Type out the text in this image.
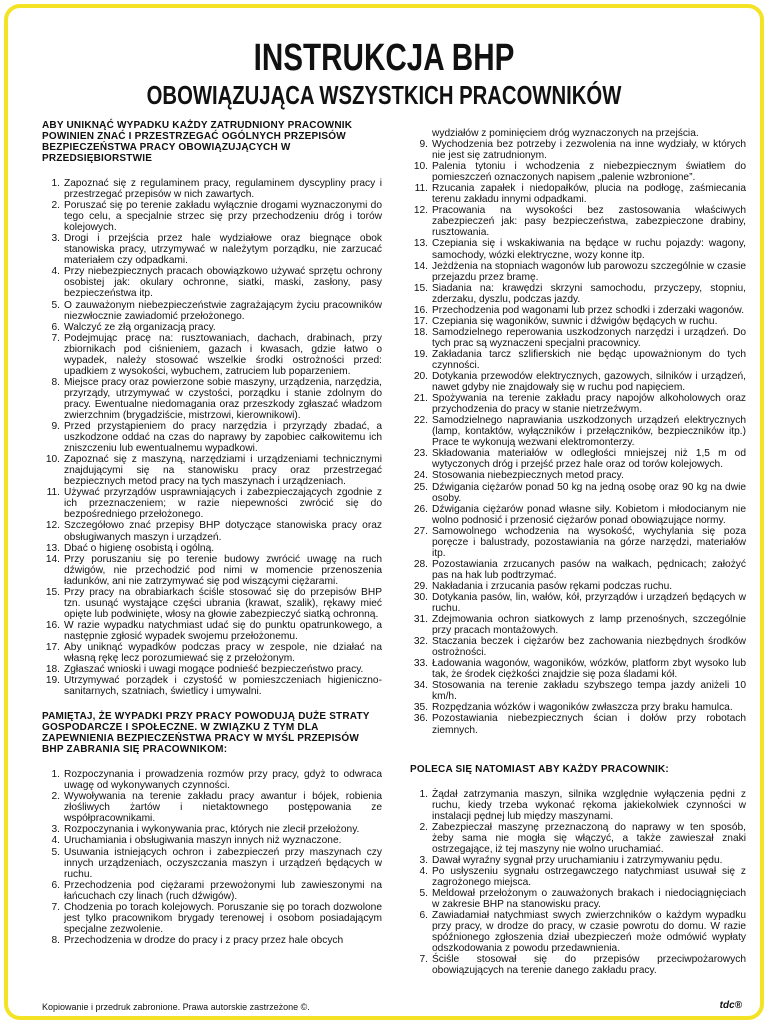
INSTRUKCJA BHP
OBOWIĄZUJĄCA WSZYSTKICH PRACOWNIKÓW
ABY UNIKNĄĆ WYPADKU KAŻDY ZATRUDNIONY PRACOWNIK POWINIEN ZNAĆ I PRZESTRZEGAĆ OGÓLNYCH PRZEPISÓW BEZPIECZEŃSTWA PRACY OBOWIĄZUJĄCYCH W PRZEDSIĘBIORSTWIE
1. Zapoznać się z regulaminem pracy, regulaminem dyscypliny pracy i przestrzegać przepisów w nich zawartych.
2. Poruszać się po terenie zakładu wyłącznie drogami wyznaczonymi do tego celu, a specjalnie strzec się przy przechodzeniu dróg i torów kolejowych.
3. Drogi i przejścia przez hale wydziałowe oraz biegnące obok stanowiska pracy, utrzymywać w należytym porządku, nie zarzucać materiałem czy odpadkami.
4. Przy niebezpiecznych pracach obowiązkowo używać sprzętu ochrony osobistej jak: okulary ochronne, siatki, maski, zasłony, pasy bezpieczeństwa itp.
5. O zauważonym niebezpieczeństwie zagrażającym życiu pracowników niezwłocznie zawiadomić przełożonego.
6. Walczyć ze złą organizacją pracy.
7. Podejmując pracę na: rusztowaniach, dachach, drabinach, przy zbiornikach pod ciśnieniem, gazach i kwasach, gdzie łatwo o wypadek, należy stosować wszelkie środki ostrożności przed: upadkiem z wysokości, wybuchem, zatruciem lub poparzeniem.
8. Miejsce pracy oraz powierzone sobie maszyny, urządzenia, narzędzia, przyrządy, utrzymywać w czystości, porządku i stanie zdolnym do pracy. Ewentualne niedomagania oraz przeszkody zgłaszać władzom zwierzchnim (brygadziście, mistrzowi, kierownikowi).
9. Przed przystąpieniem do pracy narzędzia i przyrządy zbadać, a uszkodzone oddać na czas do naprawy by zapobiec całkowitemu ich zniszczeniu lub ewentualnemu wypadkowi.
10. Zapoznać się z maszyną, narzędziami i urządzeniami technicznymi znajdującymi się na stanowisku pracy oraz przestrzegać bezpiecznych metod pracy na tych maszynach i urządzeniach.
11. Używać przyrządów usprawniających i zabezpieczających zgodnie z ich przeznaczeniem; w razie niepewności zwrócić się do bezpośredniego przełożonego.
12. Szczegółowo znać przepisy BHP dotyczące stanowiska pracy oraz obsługiwanych maszyn i urządzeń.
13. Dbać o higienę osobistą i ogólną.
14. Przy poruszaniu się po terenie budowy zwrócić uwagę na ruch dźwigów, nie przechodzić pod nimi w momencie przenoszenia ładunków, ani nie zatrzymywać się pod wiszącymi ciężarami.
15. Przy pracy na obrabiarkach ściśle stosować się do przepisów BHP tzn. usunąć wystające części ubrania (krawat, szalik), rękawy mieć opięte lub podwinięte, włosy na głowie zabezpieczyć siatką ochronną.
16. W razie wypadku natychmiast udać się do punktu opatrunkowego, a następnie zgłosić wypadek swojemu przełożonemu.
17. Aby uniknąć wypadków podczas pracy w zespole, nie działać na własną rękę lecz porozumiewać się z przełożonym.
18. Zgłaszać wnioski i uwagi mogące podnieść bezpieczeństwo pracy.
19. Utrzymywać porządek i czystość w pomieszczeniach higieniczno-sanitarnych, szatniach, świetlicy i umywalni.
PAMIĘTAJ, ŻE WYPADKI PRZY PRACY POWODUJĄ DUŻE STRATY GOSPODARCZE I SPOŁECZNE. W ZWIĄZKU Z TYM DLA ZAPEWNIENIA BEZPIECZEŃSTWA PRACY W MYŚL PRZEPISÓW BHP ZABRANIA SIĘ PRACOWNIKOM:
1. Rozpoczynania i prowadzenia rozmów przy pracy, gdyż to odwraca uwagę od wykonywanych czynności.
2. Wywoływania na terenie zakładu pracy awantur i bójek, robienia złośliwych żartów i nietaktownego postępowania ze współpracownikami.
3. Rozpoczynania i wykonywania prac, których nie zlecił przełożony.
4. Uruchamiania i obsługiwania maszyn innych niż wyznaczone.
5. Usuwania istniejących ochron i zabezpieczeń przy maszynach czy innych urządzeniach, oczyszczania maszyn i urządzeń będących w ruchu.
6. Przechodzenia pod ciężarami przewożonymi lub zawieszonymi na łańcuchach czy linach (ruch dźwigów).
7. Chodzenia po torach kolejowych. Poruszanie się po torach dozwolone jest tylko pracownikom brygady terenowej i osobom posiadającym specjalne zezwolenie.
8. Przechodzenia w drodze do pracy i z pracy przez hale obcych
wydziałów z pominięciem dróg wyznaczonych na przejścia.
9. Wychodzenia bez potrzeby i zezwolenia na inne wydziały, w których nie jest się zatrudnionym.
10. Palenia tytoniu i wchodzenia z niebezpiecznym światłem do pomieszczeń oznaczonych napisem „palenie wzbronione”.
11. Rzucania zapałek i niedopałków, plucia na podłogę, zaśmiecania terenu zakładu innymi odpadkami.
12. Pracowania na wysokości bez zastosowania właściwych zabezpieczeń jak: pasy bezpieczeństwa, zabezpieczone drabiny, rusztowania.
13. Czepiania się i wskakiwania na będące w ruchu pojazdy: wagony, samochody, wózki elektryczne, wozy konne itp.
14. Jeżdżenia na stopniach wagonów lub parowozu szczególnie w czasie przejazdu przez bramę.
15. Siadania na: krawędzi skrzyni samochodu, przyczepy, stopniu, zderzaku, dyszlu, podczas jazdy.
16. Przechodzenia pod wagonami lub przez schodki i zderzaki wagonów.
17. Czepiania się wagoników, suwnic i dźwigów będących w ruchu.
18. Samodzielnego reperowania uszkodzonych narzędzi i urządzeń. Do tych prac są wyznaczeni specjalni pracownicy.
19. Zakładania tarcz szlifierskich nie będąc upoważnionym do tych czynności.
20. Dotykania przewodów elektrycznych, gazowych, silników i urządzeń, nawet gdyby nie znajdowały się w ruchu pod napięciem.
21. Spożywania na terenie zakładu pracy napojów alkoholowych oraz przychodzenia do pracy w stanie nietrzeźwym.
22. Samodzielnego naprawiania uszkodzonych urządzeń elektrycznych (lamp, kontaktów, wyłączników i przełączników, bezpieczników itp.) Prace te wykonują wezwani elektromonterzy.
23. Składowania materiałów w odległości mniejszej niż 1,5 m od wytyczonych dróg i przejść przez hale oraz od torów kolejowych.
24. Stosowania niebezpiecznych metod pracy.
25. Dźwigania ciężarów ponad 50 kg na jedną osobę oraz 90 kg na dwie osoby.
26. Dźwigania ciężarów ponad własne siły. Kobietom i młodocianym nie wolno podnosić i przenosić ciężarów ponad obowiązujące normy.
27. Samowolnego wchodzenia na wysokość, wychylania się poza poręcze i balustrady, pozostawiania na górze narzędzi, materiałów itp.
28. Pozostawiania zrzucanych pasów na wałkach, pędnicach; założyć pas na hak lub podtrzymać.
29. Nakładania i zrzucania pasów rękami podczas ruchu.
30. Dotykania pasów, lin, wałów, kół, przyrządów i urządzeń będących w ruchu.
31. Zdejmowania ochron siatkowych z lamp przenośnych, szczególnie przy pracach montażowych.
32. Staczania beczek i ciężarów bez zachowania niezbędnych środków ostrożności.
33. Ładowania wagonów, wagoników, wózków, platform zbyt wysoko lub tak, że środek ciężkości znajdzie się poza śladami kół.
34. Stosowania na terenie zakładu szybszego tempa jazdy aniżeli 10 km/h.
35. Rozpędzania wózków i wagoników zwłaszcza przy braku hamulca.
36. Pozostawiania niebezpiecznych ścian i dołów przy robotach ziemnych.
POLECA SIĘ NATOMIAST ABY KAŻDY PRACOWNIK:
1. Żądał zatrzymania maszyn, silnika względnie wyłączenia pędni z ruchu, kiedy trzeba wykonać rękoma jakiekolwiek czynności w instalacji pędnej lub między maszynami.
2. Zabezpieczał maszynę przeznaczoną do naprawy w ten sposób, żeby sama nie mogła się włączyć, a także zawieszał znaki ostrzegające, iż tej maszyny nie wolno uruchamiać.
3. Dawał wyraźny sygnał przy uruchamianiu i zatrzymywaniu pędu.
4. Po usłyszeniu sygnału ostrzegawczego natychmiast usuwał się z zagrożonego miejsca.
5. Meldował przełożonym o zauważonych brakach i niedociągnięciach w zakresie BHP na stanowisku pracy.
6. Zawiadamiał natychmiast swych zwierzchników o każdym wypadku przy pracy, w drodze do pracy, w czasie powrotu do domu. W razie spóźnionego zgłoszenia dział ubezpieczeń może odmówić wypłaty odszkodowania z powodu przedawnienia.
7. Ściśle stosował się do przepisów przeciwpożarowych obowiązujących na terenie danego zakładu pracy.
Kopiowanie i przedruk zabronione. Prawa autorskie zastrzeżone ©.	tdc®
